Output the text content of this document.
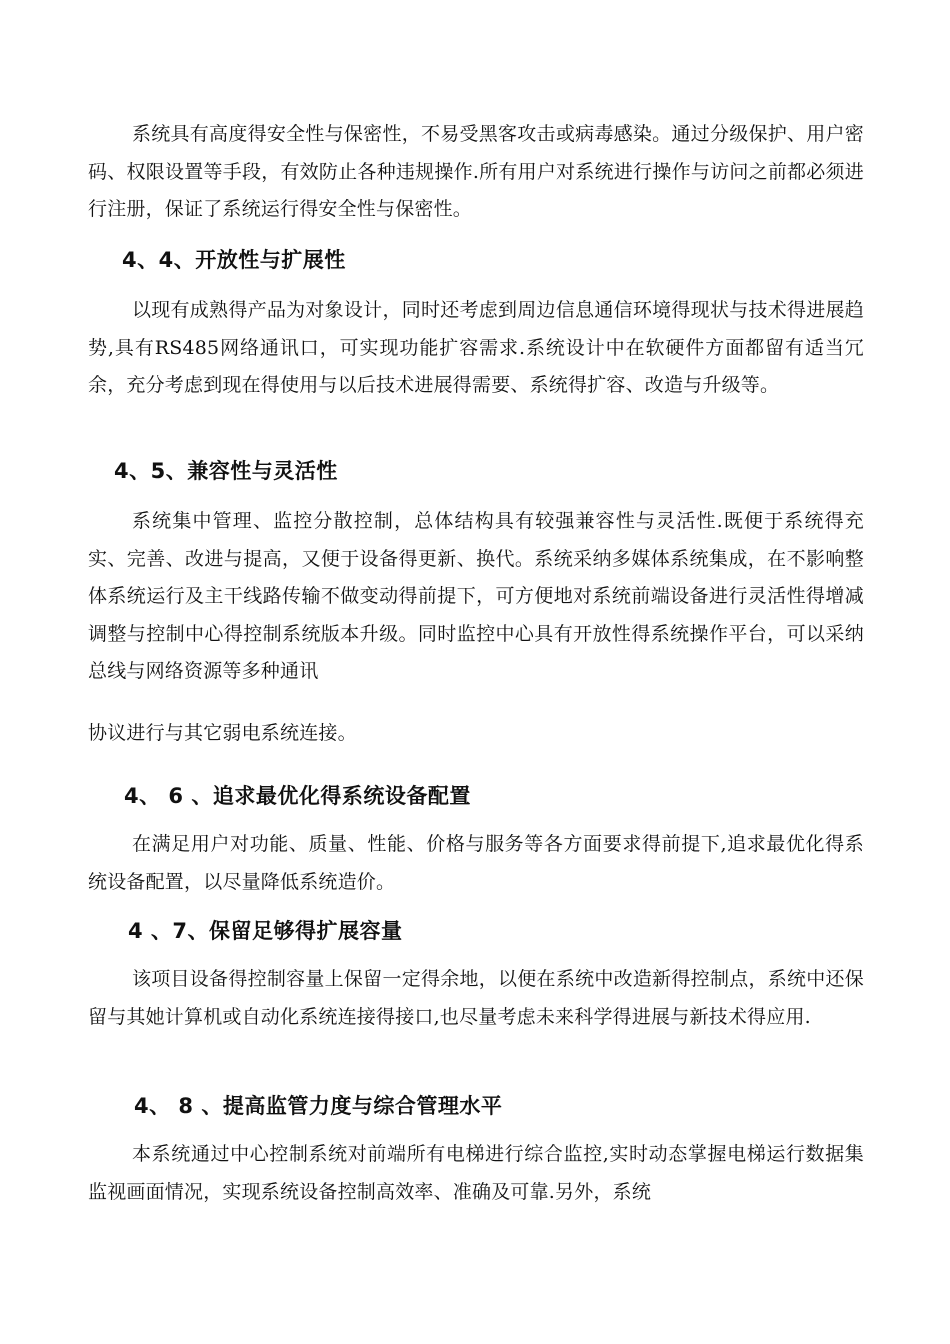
系统具有高度得安全性与保密性，不易受黑客攻击或病毒感染。通过分级保护、用户密码、权限设置等手段，有效防止各种违规操作.所有用户对系统进行操作与访问之前都必须进行注册，保证了系统运行得安全性与保密性。

4、4、开放性与扩展性

以现有成熟得产品为对象设计，同时还考虑到周边信息通信环境得现状与技术得进展趋势,具有RS485网络通讯口，可实现功能扩容需求.系统设计中在软硬件方面都留有适当冗余，充分考虑到现在得使用与以后技术进展得需要、系统得扩容、改造与升级等。

4、5、兼容性与灵活性

系统集中管理、监控分散控制，总体结构具有较强兼容性与灵活性.既便于系统得充实、完善、改进与提高，又便于设备得更新、换代。系统采纳多媒体系统集成，在不影响整体系统运行及主干线路传输不做变动得前提下，可方便地对系统前端设备进行灵活性得增减调整与控制中心得控制系统版本升级。同时监控中心具有开放性得系统操作平台，可以采纳总线与网络资源等多种通讯

协议进行与其它弱电系统连接。

4、 6 、追求最优化得系统设备配置

在满足用户对功能、质量、性能、价格与服务等各方面要求得前提下,追求最优化得系统设备配置，以尽量降低系统造价。

4 、7、保留足够得扩展容量

该项目设备得控制容量上保留一定得余地，以便在系统中改造新得控制点，系统中还保留与其她计算机或自动化系统连接得接口,也尽量考虑未来科学得进展与新技术得应用.

4、 8 、提高监管力度与综合管理水平

本系统通过中心控制系统对前端所有电梯进行综合监控,实时动态掌握电梯运行数据集监视画面情况，实现系统设备控制高效率、准确及可靠.另外，系统
